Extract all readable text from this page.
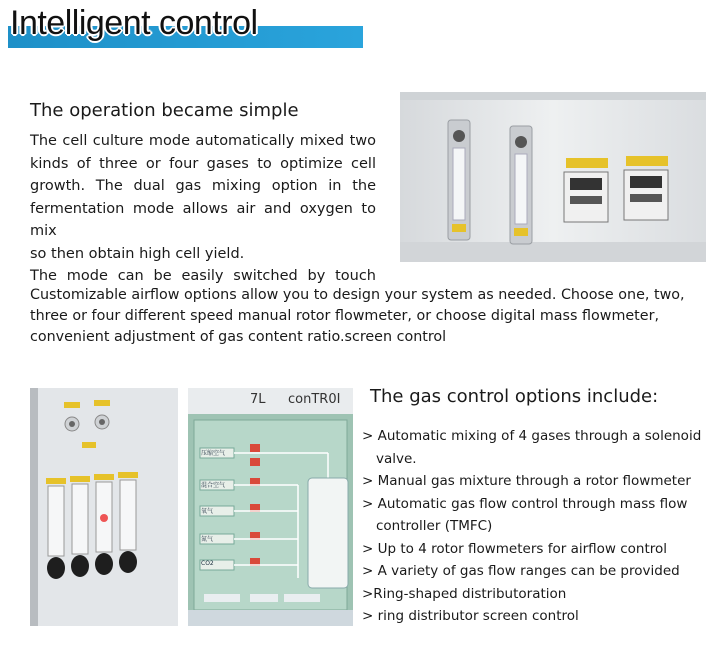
Intelligent control
The operation became simple

The cell culture mode automatically mixed two

kinds of three or four gases to optimize cell

growth. The dual gas mixing option in the

fermentation mode allows air and oxygen to mix

so then obtain high cell yield.

The mode can be easily switched by touch

Customizable airflow options allow you to design your system as needed. Choose one, two,
three or four different speed manual rotor flowmeter, or choose digital mass flowmeter,
convenient adjustment of gas content ratio.screen control
7L conTR0I
压缩空气
混合空气
氧气
氮气
CO2
The gas control options include:
> Automatic mixing of 4 gases through a solenoid
valve.
> Manual gas mixture through a rotor flowmeter
> Automatic gas flow control through mass flow
controller (TMFC)
> Up to 4 rotor flowmeters for airflow control
> A variety of gas flow ranges can be provided
>Ring-shaped distributoration
> ring distributor screen control
